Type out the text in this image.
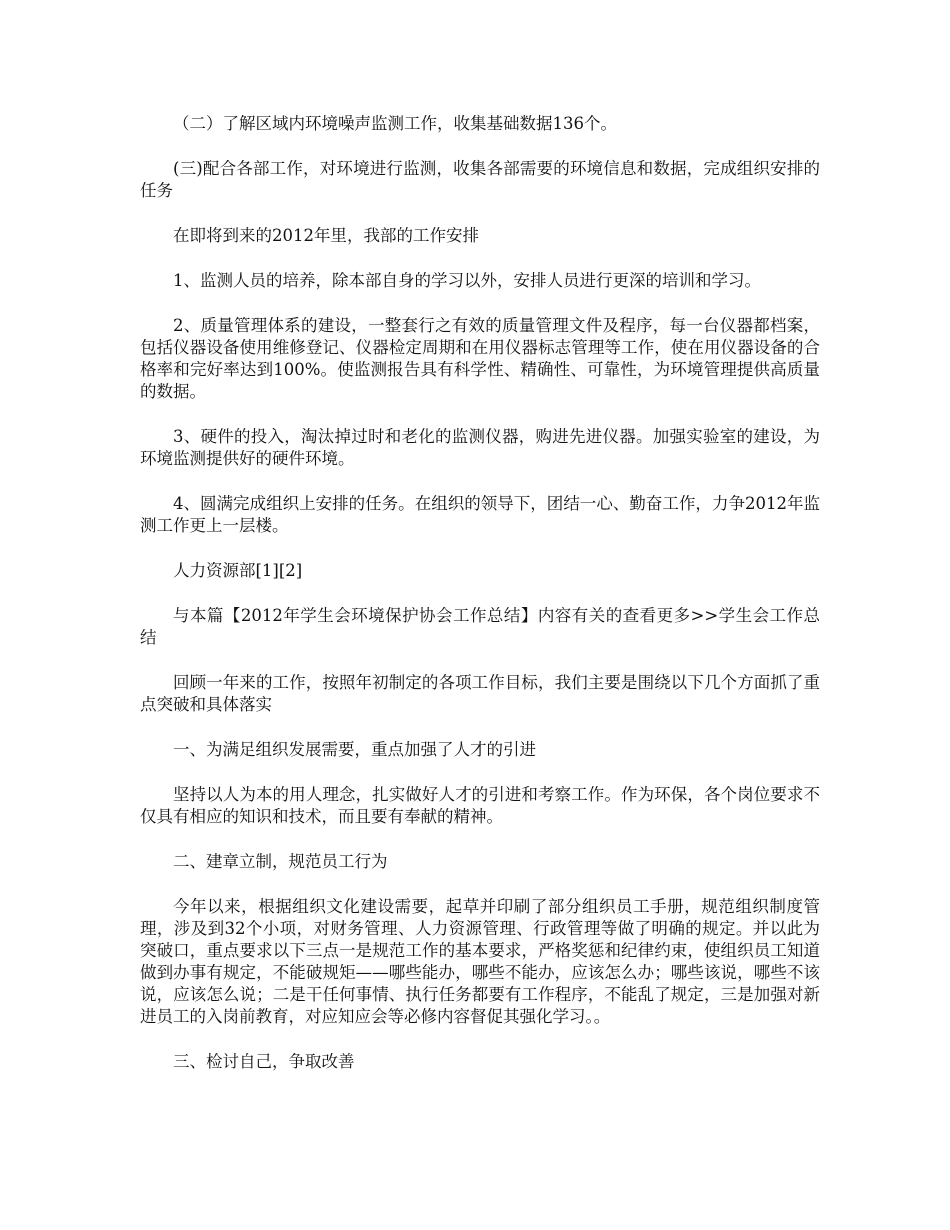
（二）了解区域内环境噪声监测工作，收集基础数据136个。

(三)配合各部工作，对环境进行监测，收集各部需要的环境信息和数据，完成组织安排的任务

在即将到来的2012年里，我部的工作安排

1、监测人员的培养，除本部自身的学习以外，安排人员进行更深的培训和学习。

2、质量管理体系的建设，一整套行之有效的质量管理文件及程序，每一台仪器都档案，包括仪器设备使用维修登记、仪器检定周期和在用仪器标志管理等工作，使在用仪器设备的合格率和完好率达到100%。使监测报告具有科学性、精确性、可靠性，为环境管理提供高质量的数据。

3、硬件的投入，淘汰掉过时和老化的监测仪器，购进先进仪器。加强实验室的建设，为环境监测提供好的硬件环境。

4、圆满完成组织上安排的任务。在组织的领导下，团结一心、勤奋工作，力争2012年监测工作更上一层楼。

人力资源部[1][2]

与本篇【2012年学生会环境保护协会工作总结】内容有关的查看更多>>学生会工作总结

回顾一年来的工作，按照年初制定的各项工作目标，我们主要是围绕以下几个方面抓了重点突破和具体落实

一、为满足组织发展需要，重点加强了人才的引进

坚持以人为本的用人理念，扎实做好人才的引进和考察工作。作为环保，各个岗位要求不仅具有相应的知识和技术，而且要有奉献的精神。

二、建章立制，规范员工行为

今年以来，根据组织文化建设需要，起草并印刷了部分组织员工手册，规范组织制度管理，涉及到32个小项，对财务管理、人力资源管理、行政管理等做了明确的规定。并以此为突破口，重点要求以下三点一是规范工作的基本要求，严格奖惩和纪律约束，使组织员工知道做到办事有规定，不能破规矩——哪些能办，哪些不能办，应该怎么办；哪些该说，哪些不该说，应该怎么说；二是干任何事情、执行任务都要有工作程序，不能乱了规定，三是加强对新进员工的入岗前教育，对应知应会等必修内容督促其强化学习。。

三、检讨自己，争取改善
